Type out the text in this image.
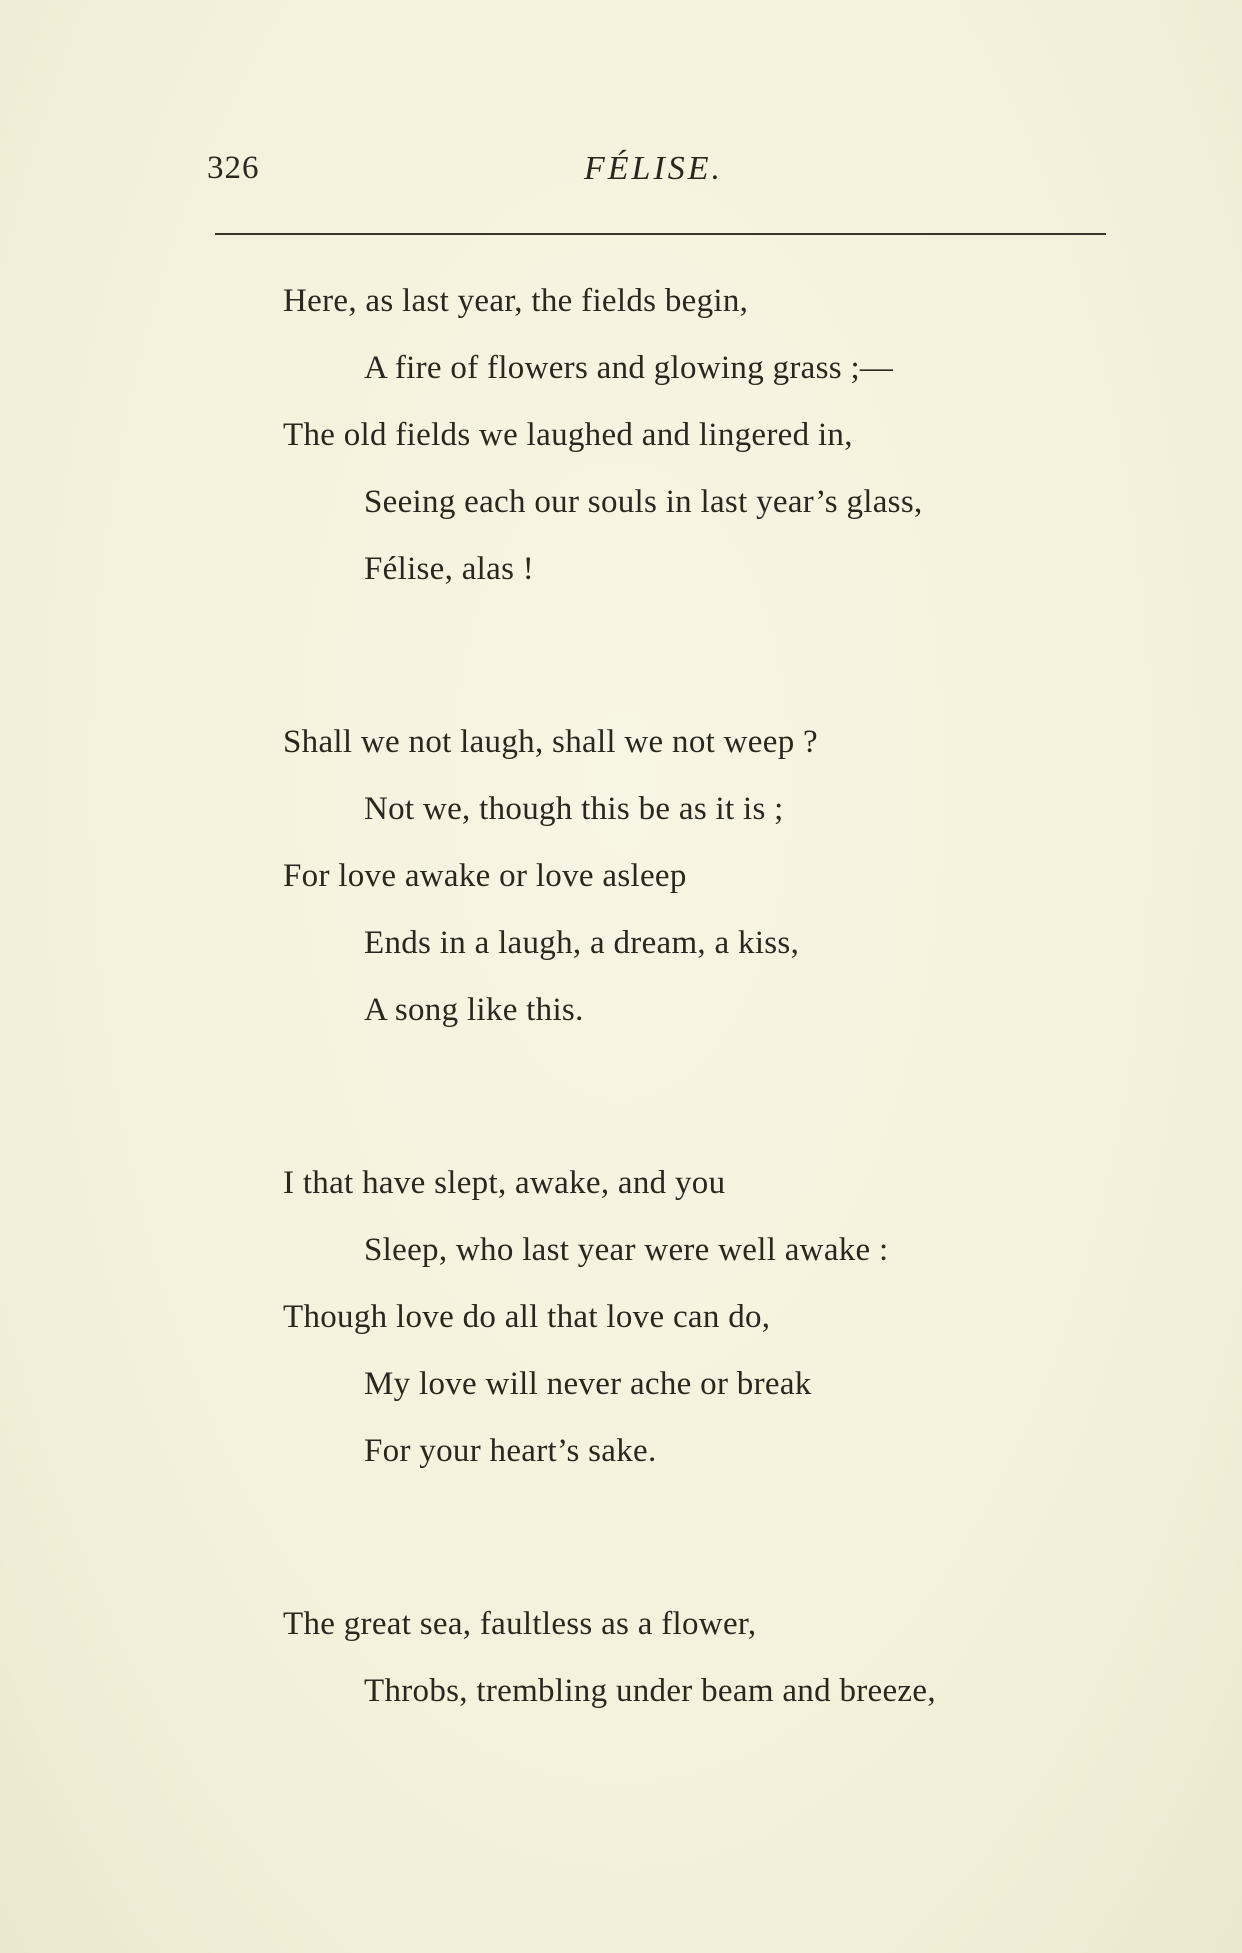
326	FÉLISE.
Here, as last year, the fields begin,
A fire of flowers and glowing grass ;—
The old fields we laughed and lingered in,
Seeing each our souls in last year’s glass,
Félise, alas !
Shall we not laugh, shall we not weep ?
Not we, though this be as it is ;
For love awake or love asleep
Ends in a laugh, a dream, a kiss,
A song like this.
I that have slept, awake, and you
Sleep, who last year were well awake :
Though love do all that love can do,
My love will never ache or break
For your heart’s sake.
The great sea, faultless as a flower,
Throbs, trembling under beam and breeze,
